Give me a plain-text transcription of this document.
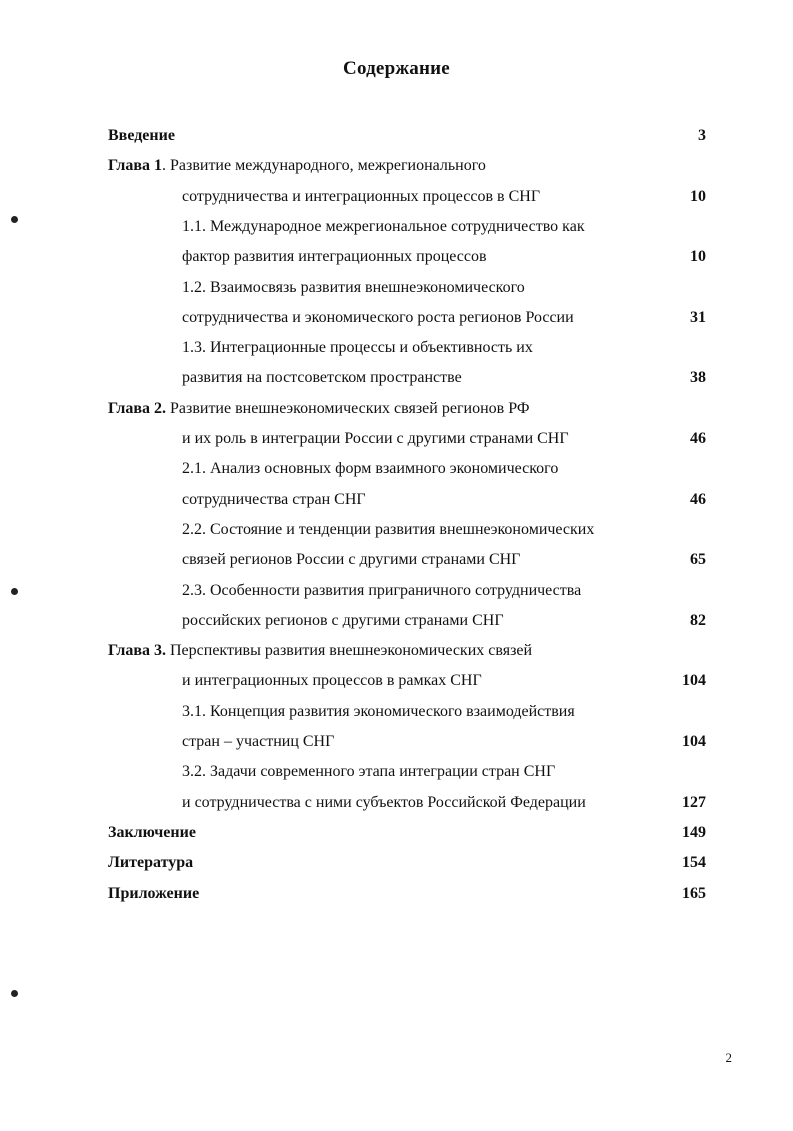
Содержание
Введение	3
Глава 1. Развитие международного, межрегионального
сотрудничества и интеграционных процессов в СНГ	10
1.1. Международное межрегиональное сотрудничество как
фактор развития интеграционных процессов	10
1.2. Взаимосвязь развития внешнеэкономического
сотрудничества и экономического роста регионов России	31
1.3. Интеграционные процессы и объективность их
развития на постсоветском пространстве	38
Глава 2. Развитие внешнеэкономических связей регионов РФ
и их роль в интеграции России с другими странами СНГ	46
2.1. Анализ основных форм взаимного экономического
сотрудничества стран СНГ	46
2.2. Состояние и тенденции развития внешнеэкономических
связей регионов России с другими странами СНГ	65
2.3. Особенности развития приграничного сотрудничества
российских регионов с другими странами СНГ	82
Глава 3. Перспективы развития внешнеэкономических связей
и интеграционных процессов в рамках СНГ	104
3.1. Концепция развития экономического взаимодействия
стран – участниц СНГ	104
3.2. Задачи современного этапа интеграции стран СНГ
и сотрудничества с ними субъектов Российской Федерации	127
Заключение	149
Литература	154
Приложение	165
2
